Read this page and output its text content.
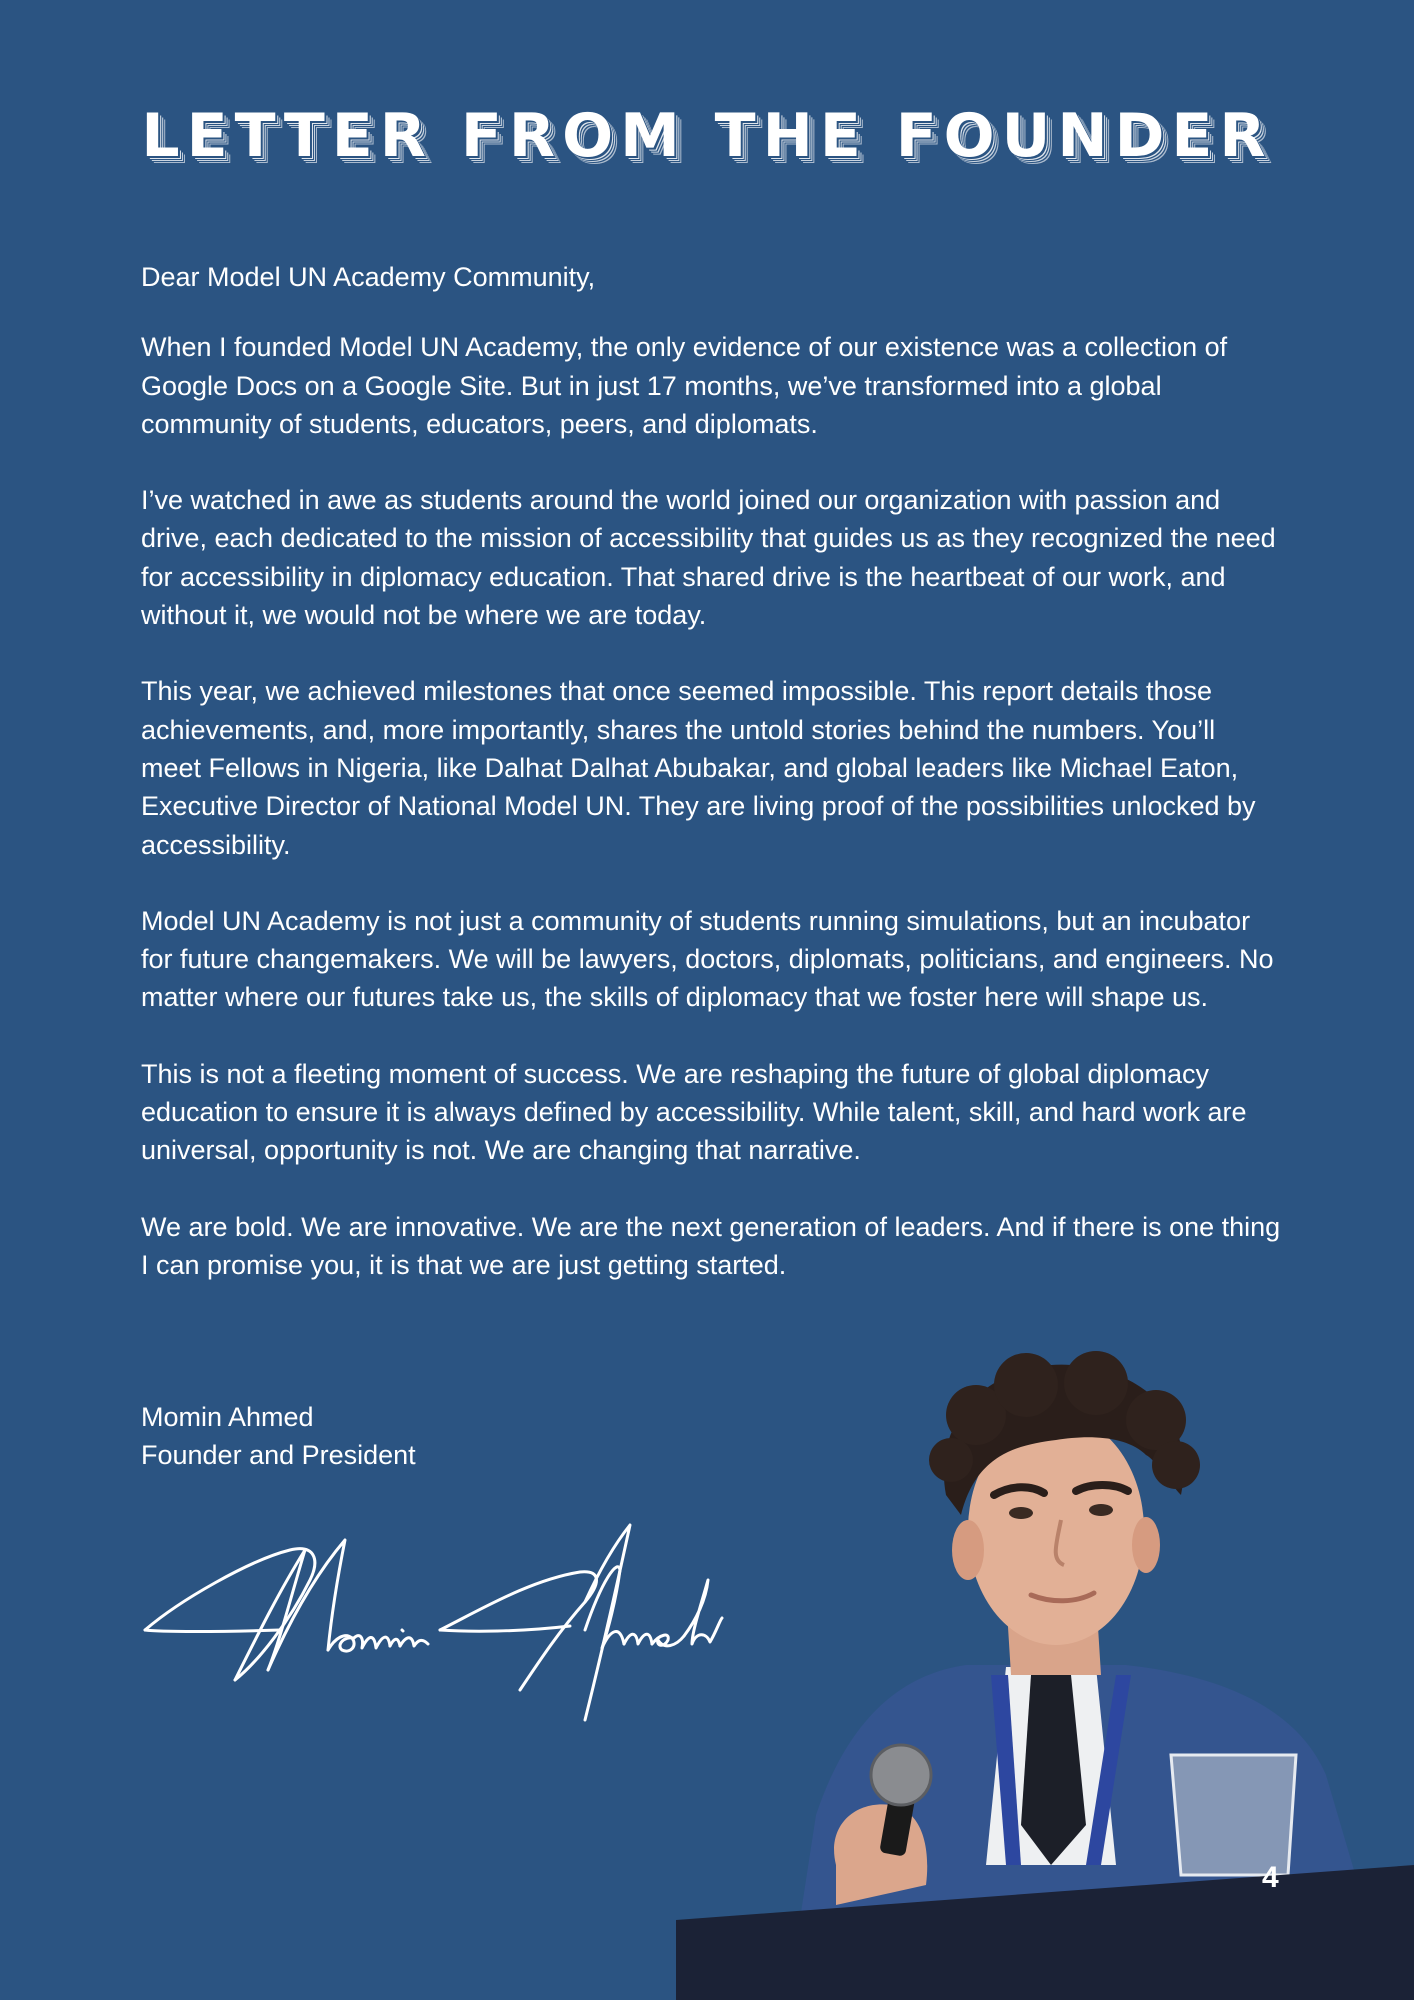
LETTER FROM THE FOUNDER

Dear Model UN Academy Community,

When I founded Model UN Academy, the only evidence of our existence was a collection of Google Docs on a Google Site. But in just 17 months, we’ve transformed into a global community of students, educators, peers, and diplomats.

I’ve watched in awe as students around the world joined our organization with passion and drive, each dedicated to the mission of accessibility that guides us as they recognized the need for accessibility in diplomacy education. That shared drive is the heartbeat of our work, and without it, we would not be where we are today.

This year, we achieved milestones that once seemed impossible. This report details those achievements, and, more importantly, shares the untold stories behind the numbers. You’ll meet Fellows in Nigeria, like Dalhat Dalhat Abubakar, and global leaders like Michael Eaton, Executive Director of National Model UN. They are living proof of the possibilities unlocked by accessibility.

Model UN Academy is not just a community of students running simulations, but an incubator for future changemakers. We will be lawyers, doctors, diplomats, politicians, and engineers. No matter where our futures take us, the skills of diplomacy that we foster here will shape us.

This is not a fleeting moment of success. We are reshaping the future of global diplomacy education to ensure it is always defined by accessibility. While talent, skill, and hard work are universal, opportunity is not. We are changing that narrative.

We are bold. We are innovative. We are the next generation of leaders. And if there is one thing I can promise you, it is that we are just getting started.

Momin Ahmed
Founder and President
4
